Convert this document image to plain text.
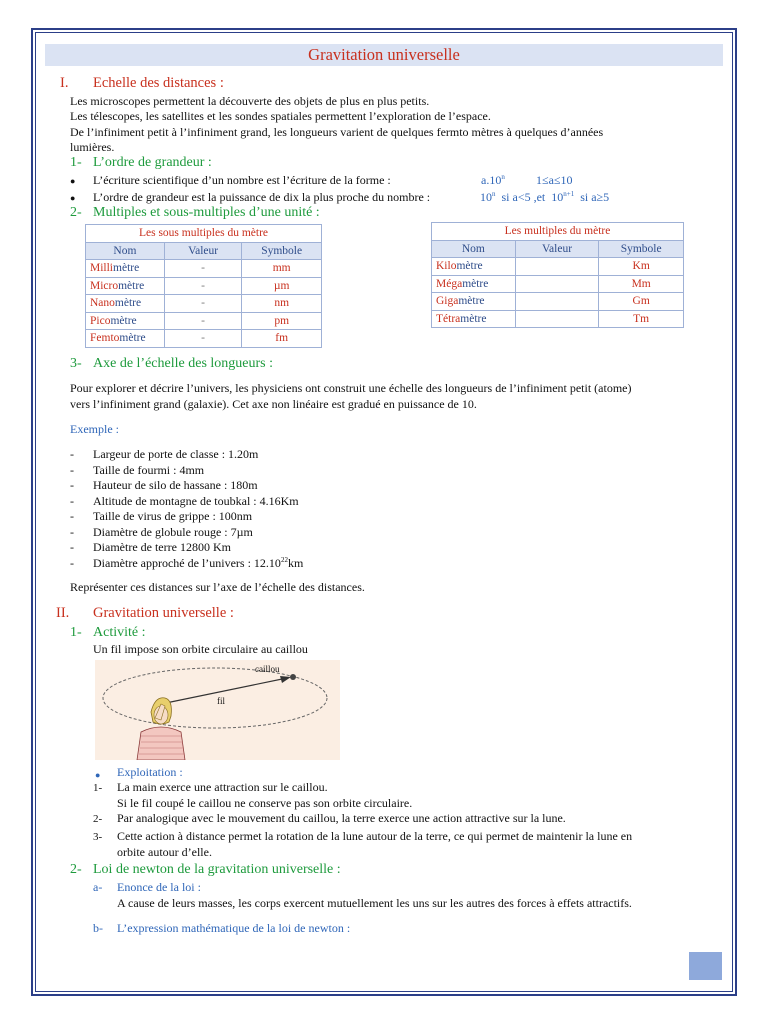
Gravitation universelle
I. Echelle des distances :
Les microscopes permettent la découverte des objets de plus en plus petits.
Les télescopes, les satellites et les sondes spatiales permettent l’exploration de l’espace.
De l’infiniment petit à l’infiniment grand, les longueurs varient de quelques fermto mètres à quelques d’années
lumières.
1- L’ordre de grandeur :
● L’écriture scientifique d’un nombre est l’écriture de la forme :	a.10$^n$	1≤a≤10
● L’ordre de grandeur est la puissance de dix la plus proche du nombre :	10$^n$ si a<5 ,et $10^{n+1}$ si a≥5
2- Multiples et sous-multiples d’une unité :
Les sous multiples du mètre		
Nom	Valeur	Symbole
Millimètre	-	mm
Micromètre	-	µm
Nanomètre	-	nm
Picomètre	-	pm
Femtomètre	-	fm
Les multiples du mètre		
Nom	Valeur	Symbole
Kilomètre		Km
Mégamètre		Mm
Gigamètre		Gm
Tétramètre		Tm
3- Axe de l’échelle des longueurs :
Pour explorer et décrire l’univers, les physiciens ont construit une échelle des longueurs de l’infiniment petit (atome)
vers l’infiniment grand (galaxie). Cet axe non linéaire est gradué en puissance de 10.
Exemple :
- Largeur de porte de classe : 1.20m
- Taille de fourmi : 4mm
- Hauteur de silo de hassane : 180m
- Altitude de montagne de toubkal : 4.16Km
- Taille de virus de grippe : 100nm
- Diamètre de globule rouge : 7µm
- Diamètre de terre 12800 Km
- Diamètre approché de l’univers : 12.10$^{22}$km
Représenter ces distances sur l’axe de l’échelle des distances.
II. Gravitation universelle :
1- Activité :
Un fil impose son orbite circulaire au caillou
caillou
fil
● Exploitation :
1- La main exerce une attraction sur le caillou.
Si le fil coupé le caillou ne conserve pas son orbite circulaire.
2- Par analogique avec le mouvement du caillou, la terre exerce une action attractive sur la lune.
3- Cette action à distance permet la rotation de la lune autour de la terre, ce qui permet de maintenir la lune en
orbite autour d’elle.
2- Loi de newton de la gravitation universelle :
a- Enonce de la loi :
A cause de leurs masses, les corps exercent mutuellement les uns sur les autres des forces à effets attractifs.
b- L’expression mathématique de la loi de newton :
